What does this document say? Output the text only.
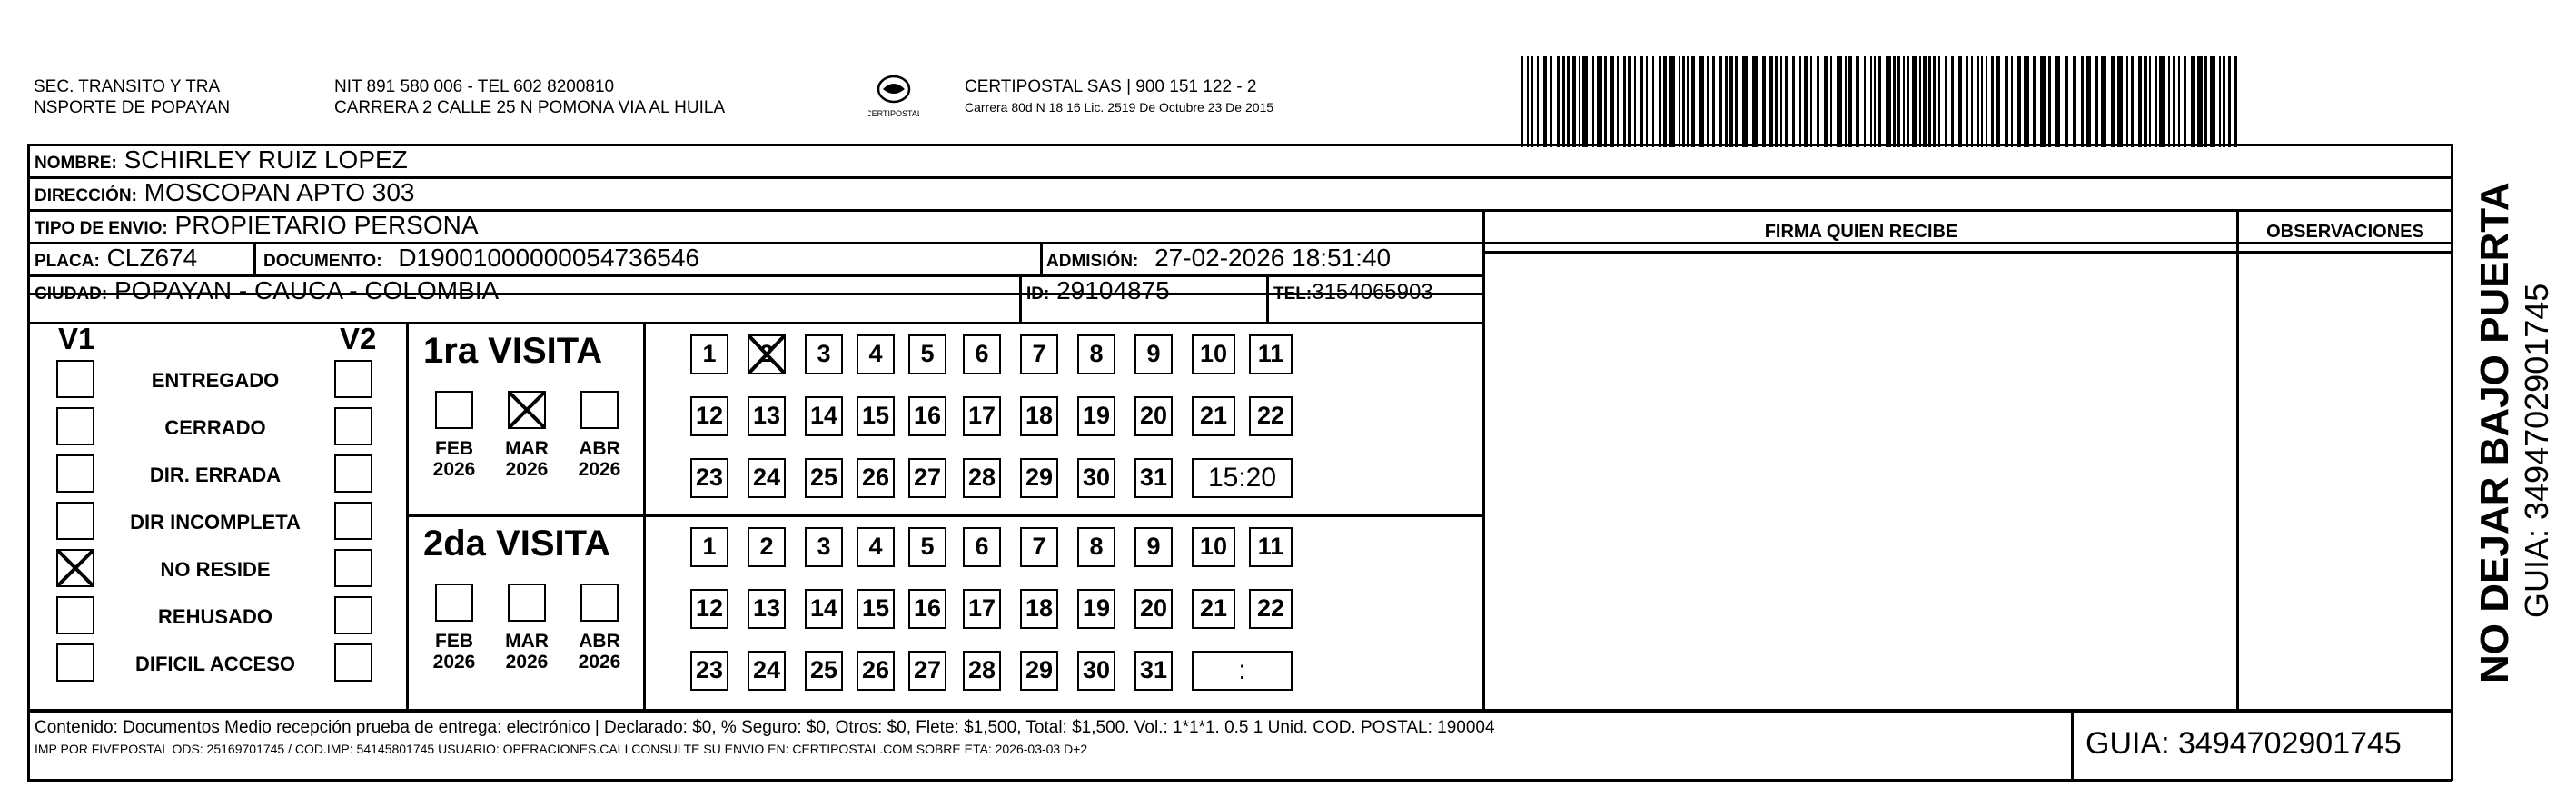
SEC. TRANSITO Y TRA
NSPORTE DE POPAYAN
NIT 891 580 006 - TEL 602 8200810
CARRERA 2 CALLE 25 N POMONA VIA AL HUILA	CERTIPOSTAL
CERTIPOSTAL SAS | 900 151 122 - 2
Carrera 80d N 18 16 Lic. 2519 De Octubre 23 De 2015
NOMBRE: SCHIRLEY RUIZ LOPEZ
DIRECCIÓN: MOSCOPAN APTO 303
TIPO DE ENVIO: PROPIETARIO PERSONA
PLACA: CLZ674	DOCUMENTO: D19001000000054736546	ADMISIÓN: 27-02-2026 18:51:40
CIUDAD: POPAYAN - CAUCA - COLOMBIA	ID: 29104875	TEL:3154065903
FIRMA QUIEN RECIBE	OBSERVACIONES
V1	V2
ENTREGADO
CERRADO
DIR. ERRADA
DIR INCOMPLETA
NO RESIDE
REHUSADO
DIFICIL ACCESO
1ra VISITA
FEB
2026
MAR
2026
ABR
2026
1	2	3	4	5	6	7	8	9	10	11
12 13 14 15 16 17 18 19 20	21	22
23 24 25 26 27 28 29 30 31	15:20
2da VISITA
FEB
2026
MAR
2026
ABR
2026
1	2	3	4	5	6	7	8	9	10	11
12 13 14 15 16 17 18 19 20	21	22
23 24 25 26 27 28 29 30 31	:	NO DEJAR BAJO PUERTA GUIA: 3494702901745
Contenido: Documentos Medio recepción prueba de entrega: electrónico | Declarado: $0, % Seguro: $0, Otros: $0, Flete: $1,500, Total: $1,500. Vol.: 1*1*1. 0.5 1 Unid. COD. POSTAL: 190004
IMP POR FIVEPOSTAL ODS: 25169701745 / COD.IMP: 54145801745 USUARIO: OPERACIONES.CALI CONSULTE SU ENVIO EN: CERTIPOSTAL.COM SOBRE ETA: 2026-03-03 D+2	GUIA: 3494702901745
